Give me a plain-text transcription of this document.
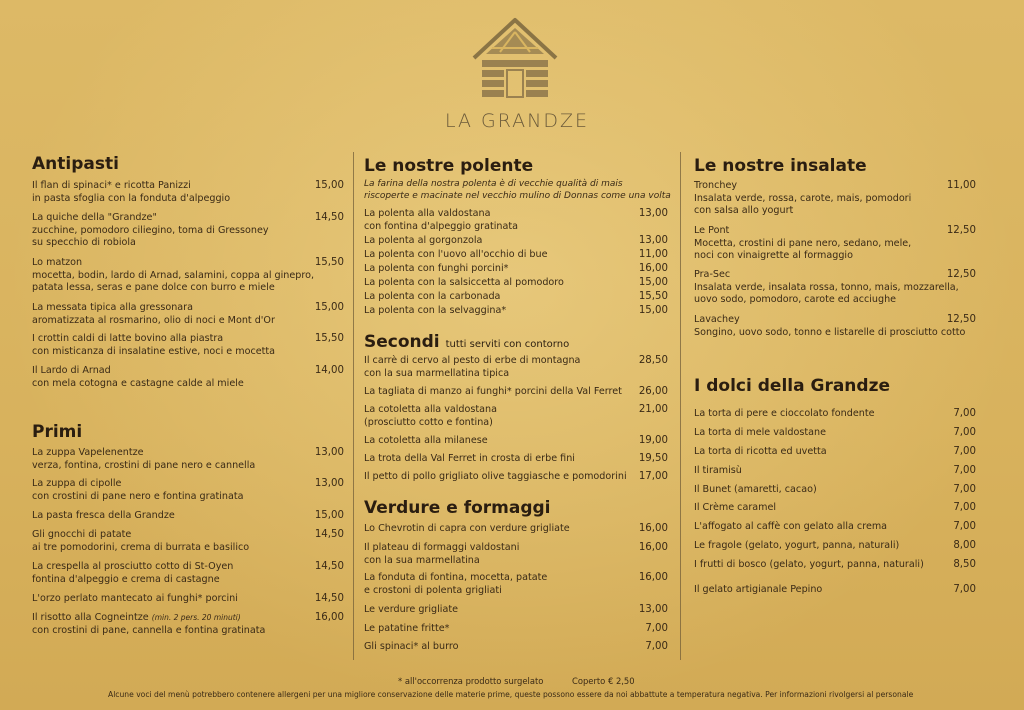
LA GRANDZE
Antipasti
Il flan di spinaci* e ricotta Panizzi
in pasta sfoglia con la fonduta d'alpeggio
15,00
La quiche della "Grandze"
zucchine, pomodoro ciliegino, toma di Gressoney
su specchio di robiola
14,50
Lo matzon
mocetta, bodin, lardo di Arnad, salamini, coppa al ginepro,
patata lessa, seras e pane dolce con burro e miele
15,50
La messata tipica alla gressonara
aromatizzata al rosmarino, olio di noci e Mont d'Or
15,00
I crottin caldi di latte bovino alla piastra
con misticanza di insalatine estive, noci e mocetta
15,50
Il Lardo di Arnad
con mela cotogna e castagne calde al miele
14,00
Primi
La zuppa Vapelenentze
verza, fontina, crostini di pane nero e cannella
13,00
La zuppa di cipolle
con crostini di pane nero e fontina gratinata
13,00
La pasta fresca della Grandze	15,00
Gli gnocchi di patate
ai tre pomodorini, crema di burrata e basilico
14,50
La crespella al prosciutto cotto di St-Oyen
fontina d'alpeggio e crema di castagne
14,50
L'orzo perlato mantecato ai funghi* porcini	14,50
Il risotto alla Cogneintze (min. 2 pers. 20 minuti)
con crostini di pane, cannella e fontina gratinata
16,00
Le nostre polente
La farina della nostra polenta è di vecchie qualità di mais
riscoperte e macinate nel vecchio mulino di Donnas come una volta
La polenta alla valdostana
con fontina d'alpeggio gratinata
13,00
La polenta al gorgonzola	13,00
La polenta con l'uovo all'occhio di bue	11,00
La polenta con funghi porcini*	16,00
La polenta con la salsiccetta al pomodoro	15,00
La polenta con la carbonada	15,50
La polenta con la selvaggina*	15,00
Secondi tutti serviti con contorno
Il carrè di cervo al pesto di erbe di montagna
con la sua marmellatina tipica
28,50
La tagliata di manzo ai funghi* porcini della Val Ferret	26,00
La cotoletta alla valdostana
(prosciutto cotto e fontina)
21,00
La cotoletta alla milanese	19,00
La trota della Val Ferret in crosta di erbe fini	19,50
Il petto di pollo grigliato olive taggiasche e pomodorini	17,00
Verdure e formaggi
Lo Chevrotin di capra con verdure grigliate	16,00
Il plateau di formaggi valdostani
con la sua marmellatina
16,00
La fonduta di fontina, mocetta, patate
e crostoni di polenta grigliati
16,00
Le verdure grigliate	13,00
Le patatine fritte*	7,00
Gli spinaci* al burro	7,00
Le nostre insalate
Tronchey
Insalata verde, rossa, carote, mais, pomodori
con salsa allo yogurt
11,00
Le Pont
Mocetta, crostini di pane nero, sedano, mele,
noci con vinaigrette al formaggio
12,50
Pra-Sec
Insalata verde, insalata rossa, tonno, mais, mozzarella,
uovo sodo, pomodoro, carote ed acciughe
12,50
Lavachey
Songino, uovo sodo, tonno e listarelle di prosciutto cotto
12,50
I dolci della Grandze
La torta di pere e cioccolato fondente	7,00
La torta di mele valdostane	7,00
La torta di ricotta ed uvetta	7,00
Il tiramisù	7,00
Il Bunet (amaretti, cacao)	7,00
Il Crème caramel	7,00
L'affogato al caffè con gelato alla crema	7,00
Le fragole (gelato, yogurt, panna, naturali)	8,00
I frutti di bosco (gelato, yogurt, panna, naturali)	8,50
Il gelato artigianale Pepino	7,00
* all'occorrenza prodotto surgelato	Coperto € 2,50
Alcune voci del menù potrebbero contenere allergeni per una migliore conservazione delle materie prime, queste possono essere da noi abbattute a temperatura negativa. Per informazioni rivolgersi al personale
